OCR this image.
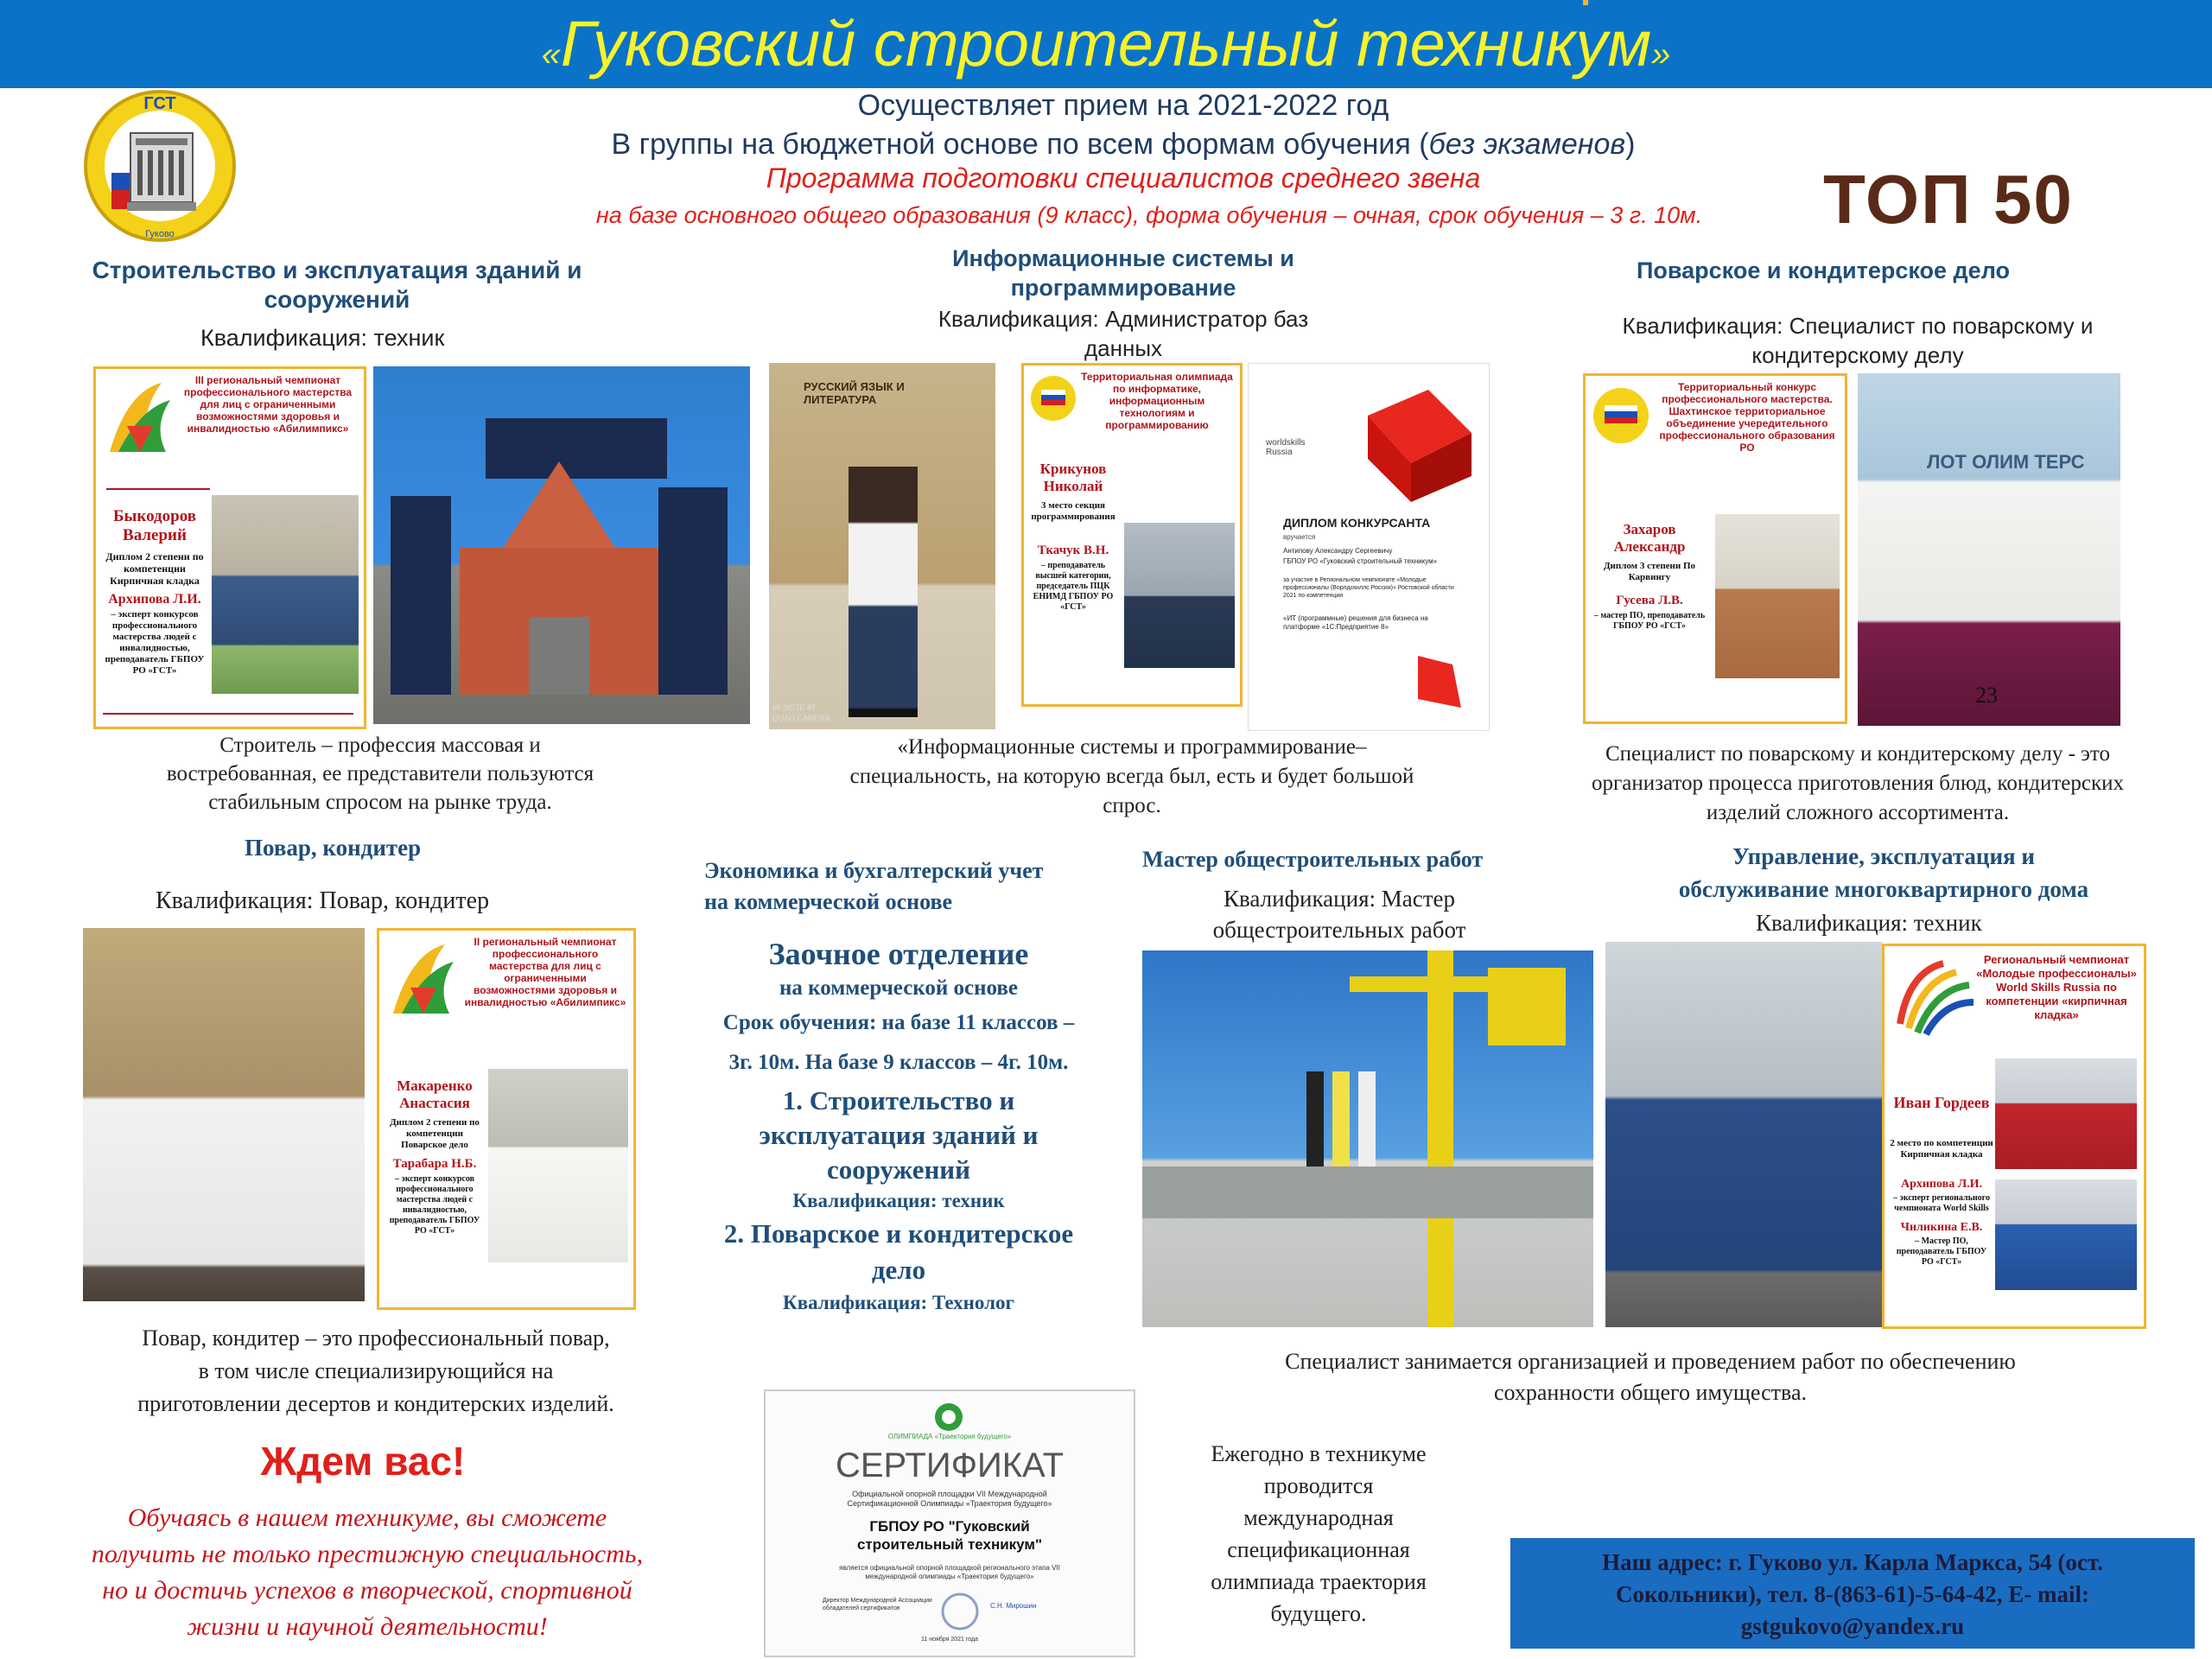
«Гуковский строительный техникум»
ГСТ
Гуково
Осуществляет прием на 2021-2022 год
В группы на бюджетной основе по всем формам обучения (без экзаменов)
Программа подготовки специалистов среднего звена
на базе основного общего образования (9 класс), форма обучения – очная, срок обучения – 3 г. 10м.	ТОП 50
Строительство и эксплуатация зданий и
сооружений
Квалификация: техник
III региональный чемпионат профессионального мастерства для лиц с ограниченными возможностями здоровья и инвалидностью «Абилимпикс»
Быкодоров Валерий
Диплом 2 степени по компетенции Кирпичная кладка
Архипова Л.И.
– эксперт конкурсов профессионального мастерства людей с инвалидностью, преподаватель ГБПОУ РО «ГСТ»
Строитель – профессия массовая и
востребованная, ее представители пользуются
стабильным спросом на рынке труда.
Информационные системы и
программирование
Квалификация: Администратор баз
данных
РУССКИЙ ЯЗЫК И ЛИТЕРАТУРА
MI NOTE 8T
QUAD CAMERA
Территориальная олимпиада по информатике, информационным технологиям и программированию
Крикунов Николай
3 место секция программирования
Ткачук В.Н.
– преподаватель высшей категории, председатель ПЦК ЕНИМД ГБПОУ РО «ГСТ»
worldskills Russia
ДИПЛОМ КОНКУРСАНТА
вручается
Антипову Александру Сергеевичу
ГБПОУ РО «Гуковский строительный техникум»
за участие в Региональном чемпионате «Молодые профессионалы (Ворлдскиллс Россия)» Ростовской области 2021 по компетенции
«ИТ (программные) решения для бизнеса на платформе «1С:Предприятие 8»
«Информационные системы и программирование–
специальность, на которую всегда был, есть и будет большой
спрос.
Поварское и кондитерское дело
Квалификация: Специалист по поварскому и
кондитерскому делу
Территориальный конкурс профессионального мастерства. Шахтинское территориальное объединение учередительного профессионального образования РО
Захаров Александр
Диплом 3 степени По Карвингу
Гусева Л.В.
– мастер ПО, преподаватель ГБПОУ РО «ГСТ»
ЛОТ ОЛИМ ТЕРС
23
Специалист по поварскому и кондитерскому делу - это
организатор процесса приготовления блюд, кондитерских
изделий сложного ассортимента.
Повар, кондитер
Квалификация: Повар, кондитер
II региональный чемпионат профессионального мастерства для лиц с ограниченными возможностями здоровья и инвалидностью «Абилимпикс»
Макаренко Анастасия
Диплом 2 степени по компетенции Поварское дело
Тарабара Н.Б.
– эксперт конкурсов профессионального мастерства людей с инвалидностью, преподаватель ГБПОУ РО «ГСТ»
Повар, кондитер – это профессиональный повар,
в том числе специализирующийся на
приготовлении десертов и кондитерских изделий.
Экономика и бухгалтерский учет
на коммерческой основе
Заочное отделение
на коммерческой основе
Срок обучения: на базе 11 классов –
3г. 10м. На базе 9 классов – 4г. 10м.
1. Строительство и
эксплуатация зданий и
сооружений
Квалификация: техник
2. Поварское и кондитерское
дело
Квалификация: Технолог
Мастер общестроительных работ
Квалификация: Мастер
общестроительных работ
Управление, эксплуатация и
обслуживание многоквартирного дома
Квалификация: техник
Региональный чемпионат «Молодые профессионалы» World Skills Russia по компетенции «кирпичная кладка»
Иван Гордеев
2 место по компетенции Кирпичная кладка
Архипова Л.И.
– эксперт регионального чемпионата World Skills
Чиликина Е.В.
– Мастер ПО, преподаватель ГБПОУ РО «ГСТ»
Специалист занимается организацией и проведением работ по обеспечению
сохранности общего имущества.
Ждем вас!
Обучаясь в нашем техникуме, вы сможете
получить не только престижную специальность,
но и достичь успехов в творческой, спортивной
жизни и научной деятельности!
ОЛИМПИАДА «Траектория будущего»
СЕРТИФИКАТ
Официальной опорной площадки VII Международной Сертификационной Олимпиады «Траектория будущего»
ГБПОУ РО "Гуковский
строительный техникум"
является официальной опорной площадкой регионального этапа VII международной олимпиады «Траектория будущего»
Директор Международной Ассоциации обладателей сертификатов	С.Н. Мирошин
11 ноября 2021 года
Ежегодно в техникуме
проводится
международная
спецификационная
олимпиада траектория
будущего.
Наш адрес: г. Гуково ул. Карла Маркса, 54 (ост.
Сокольники), тел. 8-(863-61)-5-64-42, E- mail:
gstgukovo@yandex.ru
